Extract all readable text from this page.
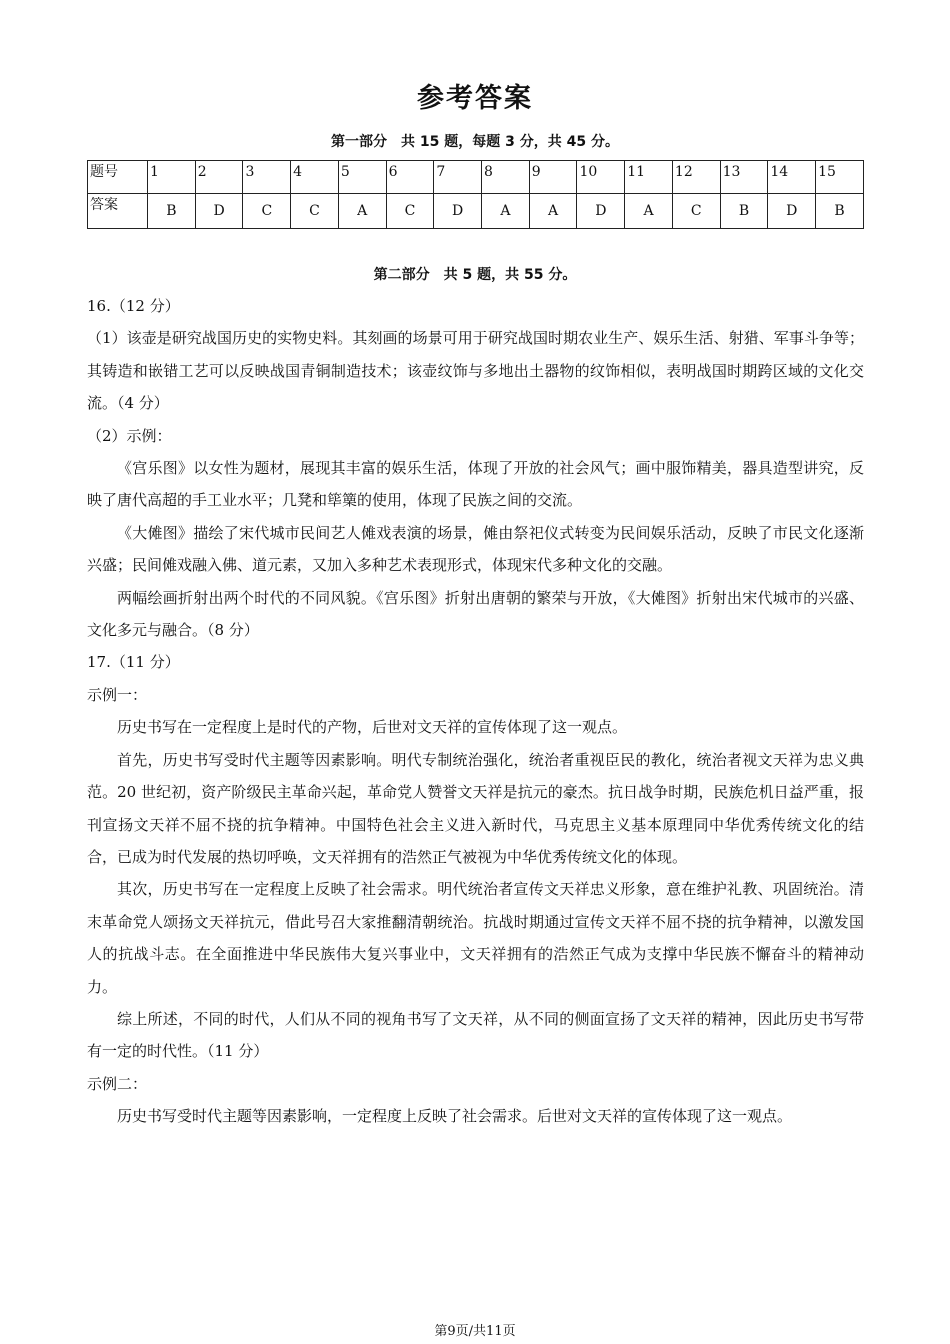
参考答案
第一部分　共 15 题，每题 3 分，共 45 分。
题号	1	2	3	4	5	6	7	8	9	10	11	12	13	14	15
答案	B	D	C	C	A	C	D	A	A	D	A	C	B	D	B
第二部分　共 5 题，共 55 分。

16.（12 分）

（1）该壶是研究战国历史的实物史料。其刻画的场景可用于研究战国时期农业生产、娱乐生活、射猎、军事斗争等；其铸造和嵌错工艺可以反映战国青铜制造技术；该壶纹饰与多地出土器物的纹饰相似，表明战国时期跨区域的文化交流。（4 分）

（2）示例：

《宫乐图》以女性为题材，展现其丰富的娱乐生活，体现了开放的社会风气；画中服饰精美，器具造型讲究，反映了唐代高超的手工业水平；几凳和筚篥的使用，体现了民族之间的交流。

《大傩图》描绘了宋代城市民间艺人傩戏表演的场景，傩由祭祀仪式转变为民间娱乐活动，反映了市民文化逐渐兴盛；民间傩戏融入佛、道元素，又加入多种艺术表现形式，体现宋代多种文化的交融。

两幅绘画折射出两个时代的不同风貌。《宫乐图》折射出唐朝的繁荣与开放，《大傩图》折射出宋代城市的兴盛、文化多元与融合。（8 分）

17.（11 分）

示例一：

历史书写在一定程度上是时代的产物，后世对文天祥的宣传体现了这一观点。

首先，历史书写受时代主题等因素影响。明代专制统治强化，统治者重视臣民的教化，统治者视文天祥为忠义典范。20 世纪初，资产阶级民主革命兴起，革命党人赞誉文天祥是抗元的豪杰。抗日战争时期，民族危机日益严重，报刊宣扬文天祥不屈不挠的抗争精神。中国特色社会主义进入新时代，马克思主义基本原理同中华优秀传统文化的结合，已成为时代发展的热切呼唤，文天祥拥有的浩然正气被视为中华优秀传统文化的体现。

其次，历史书写在一定程度上反映了社会需求。明代统治者宣传文天祥忠义形象，意在维护礼教、巩固统治。清末革命党人颂扬文天祥抗元，借此号召大家推翻清朝统治。抗战时期通过宣传文天祥不屈不挠的抗争精神，以激发国人的抗战斗志。在全面推进中华民族伟大复兴事业中，文天祥拥有的浩然正气成为支撑中华民族不懈奋斗的精神动力。

综上所述，不同的时代，人们从不同的视角书写了文天祥，从不同的侧面宣扬了文天祥的精神，因此历史书写带有一定的时代性。（11 分）

示例二：

历史书写受时代主题等因素影响，一定程度上反映了社会需求。后世对文天祥的宣传体现了这一观点。

第9页/共11页
